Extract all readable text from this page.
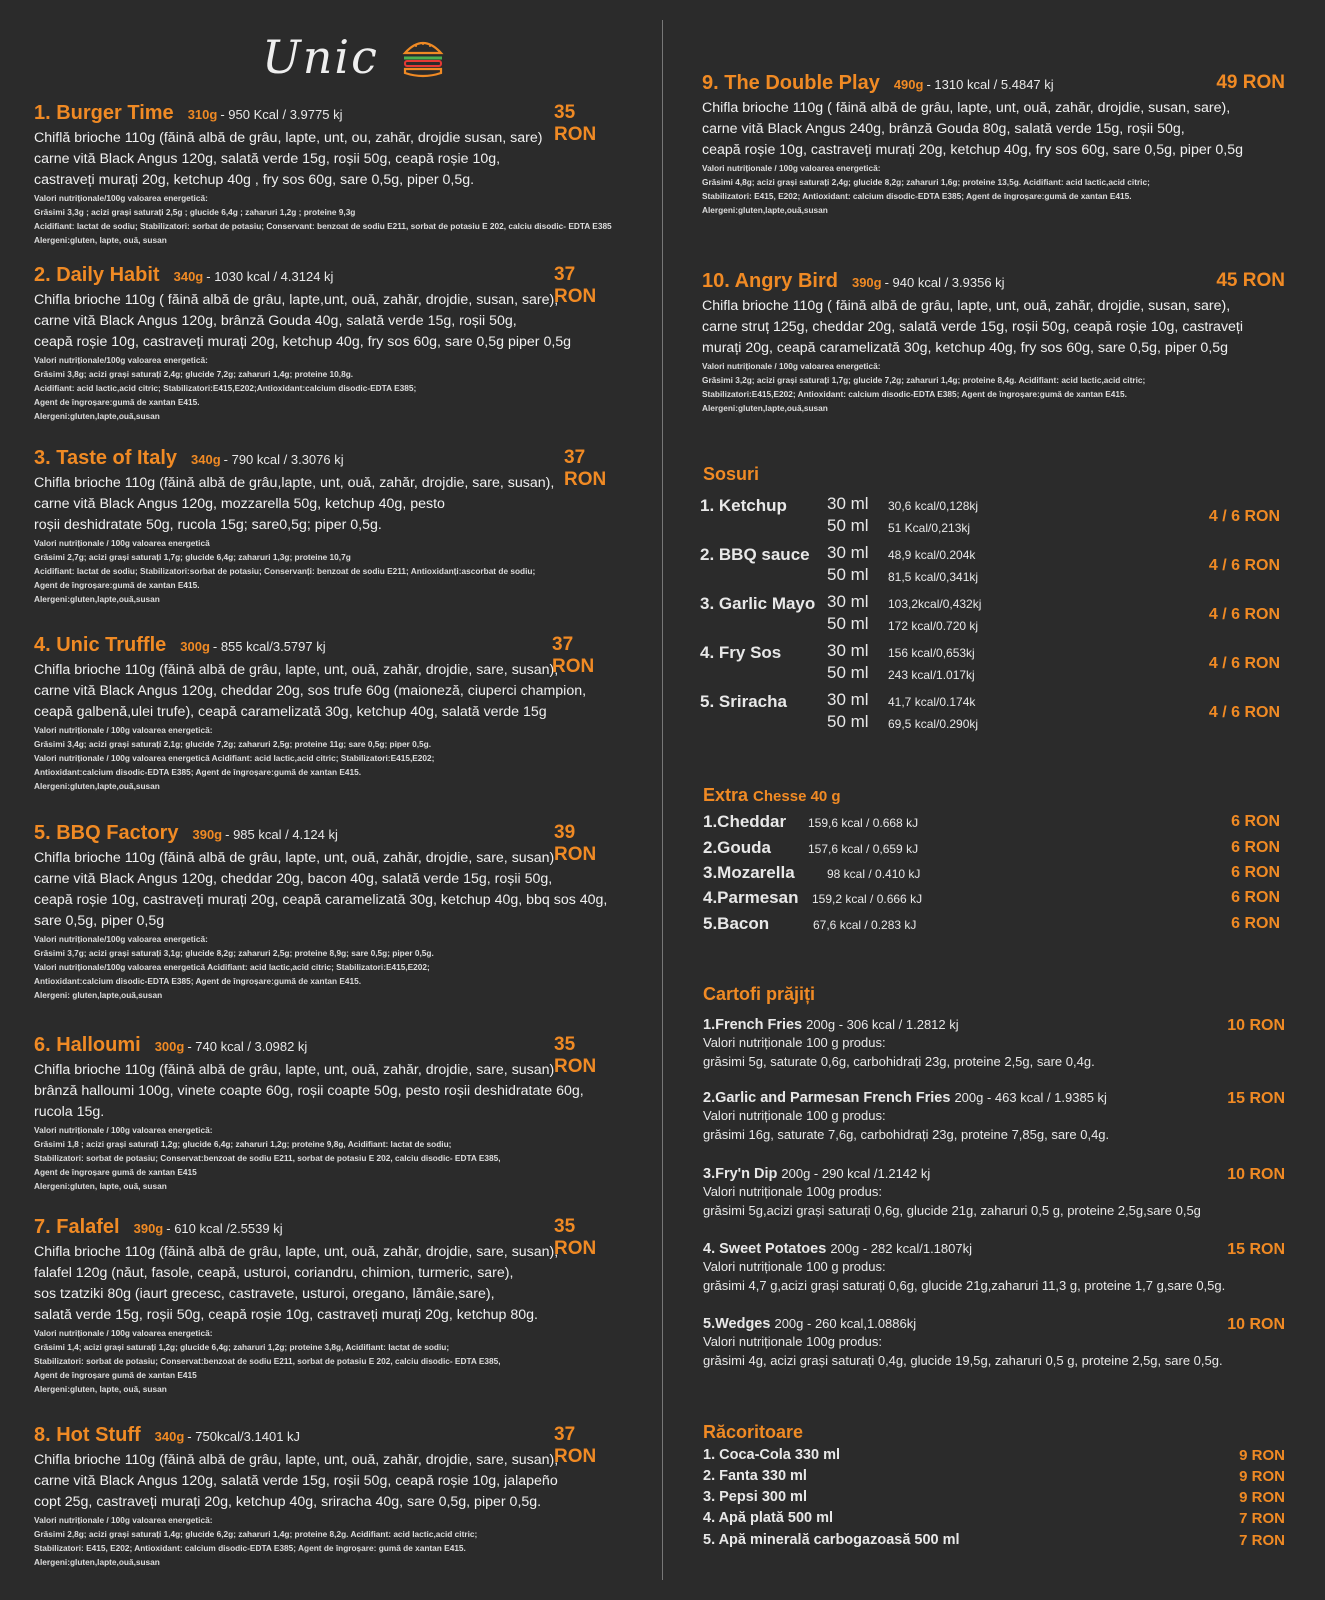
Unic
1. Burger Time 310g - 950 Kcal / 3.9775 kj	35 RON
Chiflă brioche 110g (făină albă de grâu, lapte, unt, ou, zahăr, drojdie susan, sare)
carne vită Black Angus 120g, salată verde 15g, roșii 50g, ceapă roșie 10g,
castraveți murați 20g, ketchup 40g , fry sos 60g, sare 0,5g, piper 0,5g.
Valori nutriționale/100g valoarea energetică:
Grăsimi 3,3g ; acizi grași saturați 2,5g ; glucide 6,4g ; zaharuri 1,2g ; proteine 9,3g
Acidifiant: lactat de sodiu; Stabilizatori: sorbat de potasiu; Conservant: benzoat de sodiu E211, sorbat de potasiu E 202, calciu disodic- EDTA E385
Alergeni:gluten, lapte, ouă, susan
2. Daily Habit 340g - 1030 kcal / 4.3124 kj	37 RON
Chifla brioche 110g ( făină albă de grâu, lapte,unt, ouă, zahăr, drojdie, susan, sare),
carne vită Black Angus 120g, brânză Gouda 40g, salată verde 15g, roșii 50g,
ceapă roșie 10g, castraveți murați 20g, ketchup 40g, fry sos 60g, sare 0,5g piper 0,5g
Valori nutriționale/100g valoarea energetică:
Grăsimi 3,8g; acizi grași saturați 2,4g; glucide 7,2g; zaharuri 1,4g; proteine 10,8g.
Acidifiant: acid lactic,acid citric; Stabilizatori:E415,E202;Antioxidant:calcium disodic-EDTA E385;
Agent de îngroșare:gumă de xantan E415.
Alergeni:gluten,lapte,ouă,susan
3. Taste of Italy 340g - 790 kcal / 3.3076 kj	37 RON
Chifla brioche 110g (făină albă de grâu,lapte, unt, ouă, zahăr, drojdie, sare, susan),
carne vită Black Angus 120g, mozzarella 50g, ketchup 40g, pesto
roșii deshidratate 50g, rucola 15g; sare0,5g; piper 0,5g.
Valori nutriționale / 100g valoarea energetică
Grăsimi 2,7g; acizi grași saturați 1,7g; glucide 6,4g; zaharuri 1,3g; proteine 10,7g
Acidifiant: lactat de sodiu; Stabilizatori:sorbat de potasiu; Conservanți: benzoat de sodiu E211; Antioxidanți:ascorbat de sodiu;
Agent de îngroșare:gumă de xantan E415.
Alergeni:gluten,lapte,ouă,susan
4. Unic Truffle 300g - 855 kcal/3.5797 kj	37 RON
Chifla brioche 110g (făină albă de grâu, lapte, unt, ouă, zahăr, drojdie, sare, susan),
carne vită Black Angus 120g, cheddar 20g, sos trufe 60g (maioneză, ciuperci champion,
ceapă galbenă,ulei trufe), ceapă caramelizată 30g, ketchup 40g, salată verde 15g
Valori nutriționale / 100g valoarea energetică:
Grăsimi 3,4g; acizi grași saturați 2,1g; glucide 7,2g; zaharuri 2,5g; proteine 11g; sare 0,5g; piper 0,5g.
Valori nutriționale / 100g valoarea energetică Acidifiant: acid lactic,acid citric; Stabilizatori:E415,E202;
Antioxidant:calcium disodic-EDTA E385; Agent de îngroșare:gumă de xantan E415.
Alergeni:gluten,lapte,ouă,susan
5. BBQ Factory 390g - 985 kcal / 4.124 kj	39 RON
Chifla brioche 110g (făină albă de grâu, lapte, unt, ouă, zahăr, drojdie, sare, susan)
carne vită Black Angus 120g, cheddar 20g, bacon 40g, salată verde 15g, roșii 50g,
ceapă roșie 10g, castraveți murați 20g, ceapă caramelizată 30g, ketchup 40g, bbq sos 40g,
sare 0,5g, piper 0,5g
Valori nutriționale/100g valoarea energetică:
Grăsimi 3,7g; acizi grași saturați 3,1g; glucide 8,2g; zaharuri 2,5g; proteine 8,9g; sare 0,5g; piper 0,5g.
Valori nutriționale/100g valoarea energetică Acidifiant: acid lactic,acid citric; Stabilizatori:E415,E202;
Antioxidant:calcium disodic-EDTA E385; Agent de îngroșare:gumă de xantan E415.
Alergeni: gluten,lapte,ouă,susan
6. Halloumi 300g - 740 kcal / 3.0982 kj	35 RON
Chifla brioche 110g (făină albă de grâu, lapte, unt, ouă, zahăr, drojdie, sare, susan)
brânză halloumi 100g, vinete coapte 60g, roșii coapte 50g, pesto roșii deshidratate 60g,
rucola 15g.
Valori nutriționale / 100g valoarea energetică:
Grăsimi 1,8 ; acizi grași saturați 1,2g; glucide 6,4g; zaharuri 1,2g; proteine 9,8g, Acidifiant: lactat de sodiu;
Stabilizatori: sorbat de potasiu; Conservat:benzoat de sodiu E211, sorbat de potasiu E 202, calciu disodic- EDTA E385,
Agent de îngroșare gumă de xantan E415
Alergeni:gluten, lapte, ouă, susan
7. Falafel 390g - 610 kcal /2.5539 kj	35 RON
Chifla brioche 110g (făină albă de grâu, lapte, unt, ouă, zahăr, drojdie, sare, susan),
falafel 120g (năut, fasole, ceapă, usturoi, coriandru, chimion, turmeric, sare),
sos tzatziki 80g (iaurt grecesc, castravete, usturoi, oregano, lămâie,sare),
salată verde 15g, roșii 50g, ceapă roșie 10g, castraveți murați 20g, ketchup 80g.
Valori nutriționale / 100g valoarea energetică:
Grăsimi 1,4; acizi grași saturați 1,2g; glucide 6,4g; zaharuri 1,2g; proteine 3,8g, Acidifiant: lactat de sodiu;
Stabilizatori: sorbat de potasiu; Conservat:benzoat de sodiu E211, sorbat de potasiu E 202, calciu disodic- EDTA E385,
Agent de îngroșare gumă de xantan E415
Alergeni:gluten, lapte, ouă, susan
8. Hot Stuff 340g - 750kcal/3.1401 kJ	37 RON
Chifla brioche 110g (făină albă de grâu, lapte, unt, ouă, zahăr, drojdie, sare, susan),
carne vită Black Angus 120g, salată verde 15g, roșii 50g, ceapă roșie 10g, jalapeño
copt 25g, castraveți murați 20g, ketchup 40g, sriracha 40g, sare 0,5g, piper 0,5g.
Valori nutriționale / 100g valoarea energetică:
Grăsimi 2,8g; acizi grași saturați 1,4g; glucide 6,2g; zaharuri 1,4g; proteine 8,2g. Acidifiant: acid lactic,acid citric;
Stabilizatori: E415, E202; Antioxidant: calcium disodic-EDTA E385; Agent de îngroșare: gumă de xantan E415.
Alergeni:gluten,lapte,ouă,susan
9. The Double Play 490g - 1310 kcal / 5.4847 kj	49 RON
Chifla brioche 110g ( făină albă de grâu, lapte, unt, ouă, zahăr, drojdie, susan, sare),
carne vită Black Angus 240g, brânză Gouda 80g, salată verde 15g, roșii 50g,
ceapă roșie 10g, castraveți murați 20g, ketchup 40g, fry sos 60g, sare 0,5g, piper 0,5g
Valori nutriționale / 100g valoarea energetică:
Grăsimi 4,8g; acizi grași saturați 2,4g; glucide 8,2g; zaharuri 1,6g; proteine 13,5g. Acidifiant: acid lactic,acid citric;
Stabilizatori: E415, E202; Antioxidant: calcium disodic-EDTA E385; Agent de îngroșare:gumă de xantan E415.
Alergeni:gluten,lapte,ouă,susan
10. Angry Bird 390g - 940 kcal / 3.9356 kj	45 RON
Chifla brioche 110g ( făină albă de grâu, lapte, unt, ouă, zahăr, drojdie, susan, sare),
carne struț 125g, cheddar 20g, salată verde 15g, roșii 50g, ceapă roșie 10g, castraveți
murați 20g, ceapă caramelizată 30g, ketchup 40g, fry sos 60g, sare 0,5g, piper 0,5g
Valori nutriționale / 100g valoarea energetică:
Grăsimi 3,2g; acizi grași saturați 1,7g; glucide 7,2g; zaharuri 1,4g; proteine 8,4g. Acidifiant: acid lactic,acid citric;
Stabilizatori:E415,E202; Antioxidant: calcium disodic-EDTA E385; Agent de îngroșare:gumă de xantan E415.
Alergeni:gluten,lapte,ouă,susan
Sosuri
1. Ketchup 30 ml 30,6 kcal/0,128kj
50 ml 51 Kcal/0,213kj
4 / 6 RON
2. BBQ sauce 30 ml 48,9 kcal/0.204k
50 ml 81,5 kcal/0,341kj
4 / 6 RON
3. Garlic Mayo 30 ml 103,2kcal/0,432kj
50 ml 172 kcal/0.720 kj
4 / 6 RON
4. Fry Sos	30 ml 156 kcal/0,653kj
50 ml 243 kcal/1.017kj
4 / 6 RON
5. Sriracha 30 ml 41,7 kcal/0.174k
50 ml 69,5 kcal/0.290kj
4 / 6 RON
Extra Chesse 40 g
1.Cheddar 159,6 kcal / 0.668 kJ	6 RON
2.Gouda	157,6 kcal / 0,659 kJ	6 RON
3.Mozarella	98 kcal / 0.410 kJ	6 RON
4.Parmesan 159,2 kcal / 0.666 kJ	6 RON
5.Bacon	67,6 kcal / 0.283 kJ	6 RON
Cartofi prăjiți
1.French Fries 200g - 306 kcal / 1.2812 kj
Valori nutriționale 100 g produs:
grăsimi 5g, saturate 0,6g, carbohidrați 23g, proteine 2,5g, sare 0,4g.
10 RON
2.Garlic and Parmesan French Fries 200g - 463 kcal / 1.9385 kj
Valori nutriționale 100 g produs:
grăsimi 16g, saturate 7,6g, carbohidrați 23g, proteine 7,85g, sare 0,4g.
15 RON
3.Fry'n Dip 200g - 290 kcal /1.2142 kj
Valori nutriționale 100g produs:
grăsimi 5g,acizi grași saturați 0,6g, glucide 21g, zaharuri 0,5 g, proteine 2,5g,sare 0,5g
10 RON
4. Sweet Potatoes 200g - 282 kcal/1.1807kj
Valori nutriționale 100 g produs:
grăsimi 4,7 g,acizi grași saturați 0,6g, glucide 21g,zaharuri 11,3 g, proteine 1,7 g,sare 0,5g.
15 RON
5.Wedges 200g - 260 kcal,1.0886kj
Valori nutriționale 100g produs:
grăsimi 4g, acizi grași saturați 0,4g, glucide 19,5g, zaharuri 0,5 g, proteine 2,5g, sare 0,5g.
10 RON
Răcoritoare
1. Coca-Cola 330 ml	9 RON
2. Fanta 330 ml	9 RON
3. Pepsi 300 ml	9 RON
4. Apă plată 500 ml	7 RON
5. Apă minerală carbogazoasă 500 ml	7 RON
